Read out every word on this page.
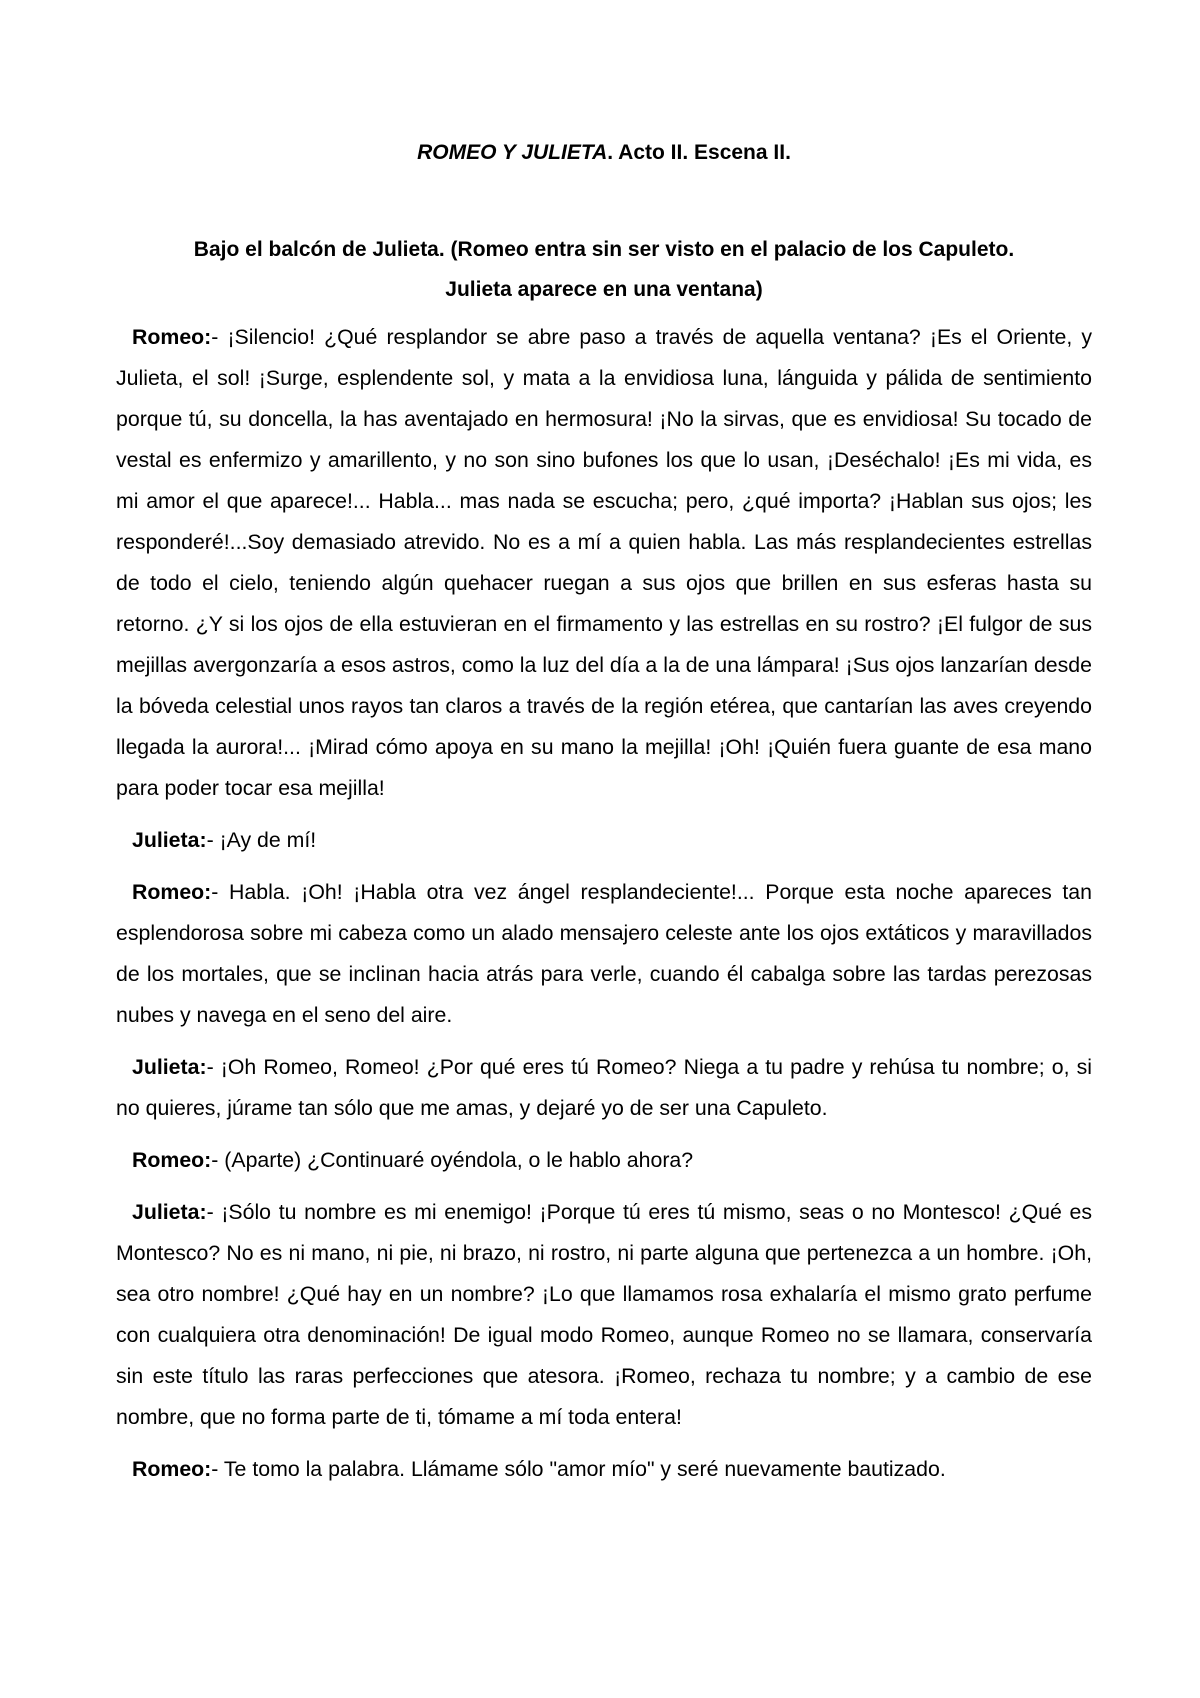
ROMEO Y JULIETA. Acto II. Escena II.
Bajo el balcón de Julieta. (Romeo entra sin ser visto en el palacio de los Capuleto.
Julieta aparece en una ventana)

Romeo:- ¡Silencio! ¿Qué resplandor se abre paso a través de aquella ventana? ¡Es el Oriente, y Julieta, el sol! ¡Surge, esplendente sol, y mata a la envidiosa luna, lánguida y pálida de sentimiento porque tú, su doncella, la has aventajado en hermosura! ¡No la sirvas, que es envidiosa! Su tocado de vestal es enfermizo y amarillento, y no son sino bufones los que lo usan, ¡Deséchalo! ¡Es mi vida, es mi amor el que aparece!... Habla... mas nada se escucha; pero, ¿qué importa? ¡Hablan sus ojos; les responderé!...Soy demasiado atrevido. No es a mí a quien habla. Las más resplandecientes estrellas de todo el cielo, teniendo algún quehacer ruegan a sus ojos que brillen en sus esferas hasta su retorno. ¿Y si los ojos de ella estuvieran en el firmamento y las estrellas en su rostro? ¡El fulgor de sus mejillas avergonzaría a esos astros, como la luz del día a la de una lámpara! ¡Sus ojos lanzarían desde la bóveda celestial unos rayos tan claros a través de la región etérea, que cantarían las aves creyendo llegada la aurora!... ¡Mirad cómo apoya en su mano la mejilla! ¡Oh! ¡Quién fuera guante de esa mano para poder tocar esa mejilla!

Julieta:- ¡Ay de mí!

Romeo:- Habla. ¡Oh! ¡Habla otra vez ángel resplandeciente!... Porque esta noche apareces tan esplendorosa sobre mi cabeza como un alado mensajero celeste ante los ojos extáticos y maravillados de los mortales, que se inclinan hacia atrás para verle, cuando él cabalga sobre las tardas perezosas nubes y navega en el seno del aire.

Julieta:- ¡Oh Romeo, Romeo! ¿Por qué eres tú Romeo? Niega a tu padre y rehúsa tu nombre; o, si no quieres, júrame tan sólo que me amas, y dejaré yo de ser una Capuleto.

Romeo:- (Aparte) ¿Continuaré oyéndola, o le hablo ahora?

Julieta:- ¡Sólo tu nombre es mi enemigo! ¡Porque tú eres tú mismo, seas o no Montesco! ¿Qué es Montesco? No es ni mano, ni pie, ni brazo, ni rostro, ni parte alguna que pertenezca a un hombre. ¡Oh, sea otro nombre! ¿Qué hay en un nombre? ¡Lo que llamamos rosa exhalaría el mismo grato perfume con cualquiera otra denominación! De igual modo Romeo, aunque Romeo no se llamara, conservaría sin este título las raras perfecciones que atesora. ¡Romeo, rechaza tu nombre; y a cambio de ese nombre, que no forma parte de ti, tómame a mí toda entera!

Romeo:- Te tomo la palabra. Llámame sólo "amor mío" y seré nuevamente bautizado.
